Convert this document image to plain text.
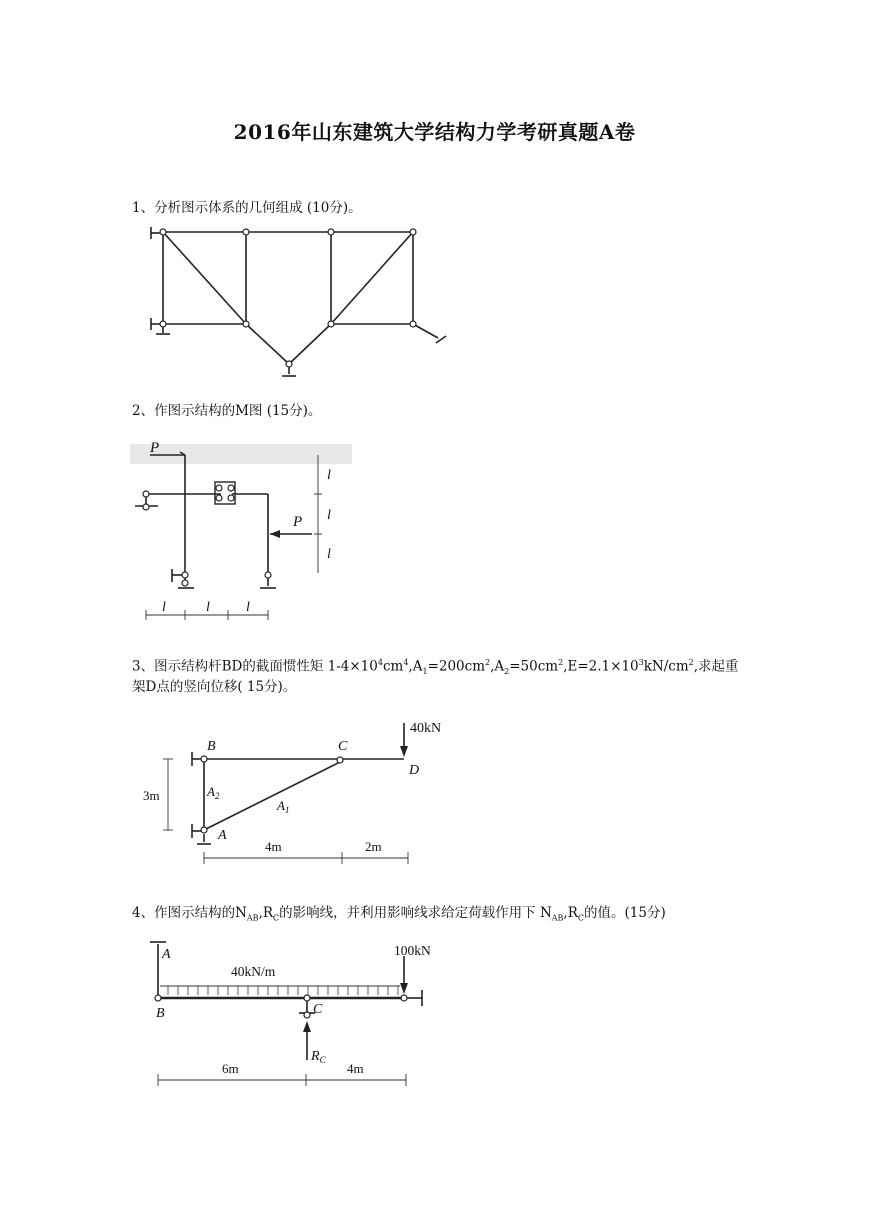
2016年山东建筑大学结构力学考研真题A卷
1、分析图示体系的几何组成 (10分)。
2、作图示结构的M图 (15分)。
P
P
l
l
l
l	l	l
3、图示结构杆BD的截面惯性矩 $1-4\times 10^4cm^4,A_1=200cm^2,A_2=50cm^2,E=2.1\times 10^3kN/cm^2$,求起重
架D点的竖向位移( 15分)。
B	C
D
A
40kN
$A_2$
$A_1$
3m
4m	2m
4、作图示结构的$N_{AB},R_C$的影响线，并利用影响线求给定荷载作用下 $N_{AB},R_C$的值。(15分)
A
B	C
40kN/m
100kN
$R_C$
6m	4m
